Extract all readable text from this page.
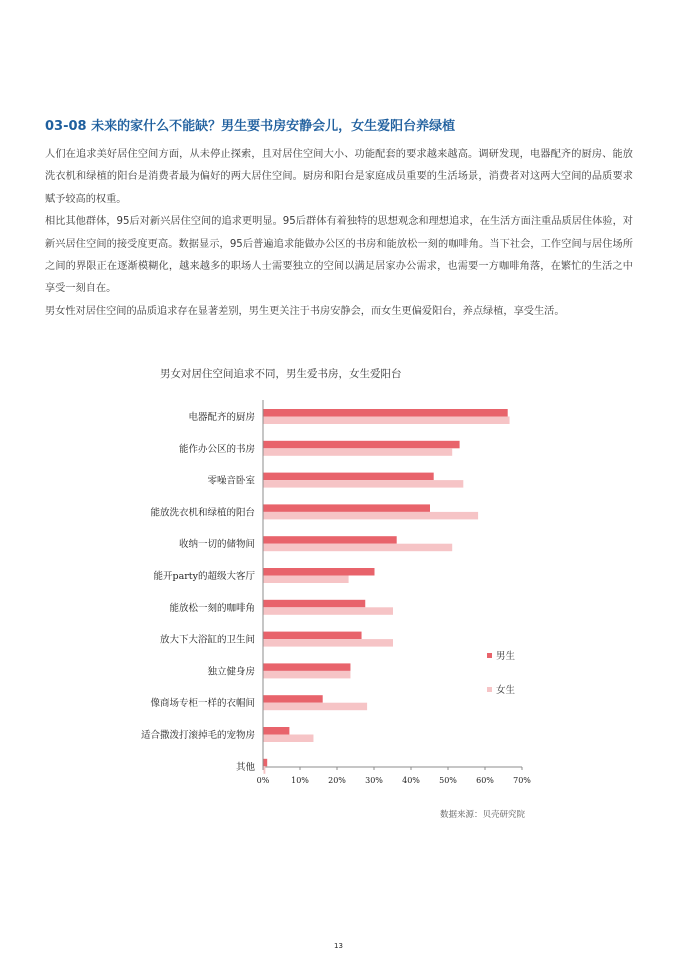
03-08 未来的家什么不能缺？男生要书房安静会儿，女生爱阳台养绿植

人们在追求美好居住空间方面，从未停止探索，且对居住空间大小、功能配套的要求越来越高。调研发现，电器配齐的厨房、能放洗衣机和绿植的阳台是消费者最为偏好的两大居住空间。厨房和阳台是家庭成员重要的生活场景，消费者对这两大空间的品质要求赋予较高的权重。

相比其他群体，95后对新兴居住空间的追求更明显。95后群体有着独特的思想观念和理想追求，在生活方面注重品质居住体验，对新兴居住空间的接受度更高。数据显示，95后普遍追求能做办公区的书房和能放松一刻的咖啡角。当下社会，工作空间与居住场所之间的界限正在逐渐模糊化，越来越多的职场人士需要独立的空间以满足居家办公需求，也需要一方咖啡角落，在繁忙的生活之中享受一刻自在。

男女性对居住空间的品质追求存在显著差别，男生更关注于书房安静会，而女生更偏爱阳台，养点绿植，享受生活。

男女对居住空间追求不同，男生爱书房，女生爱阳台
0%	10% 20% 30% 40% 50% 60% 70%
电器配齐的厨房
能作办公区的书房
零噪音卧室
能放洗衣机和绿植的阳台
收纳一切的储物间
能开party的超级大客厅
能放松一刻的咖啡角
放大下大浴缸的卫生间
独立健身房
像商场专柜一样的衣帽间
适合撒泼打滚掉毛的宠物房
其他
男生
女生
数据来源：贝壳研究院
13
